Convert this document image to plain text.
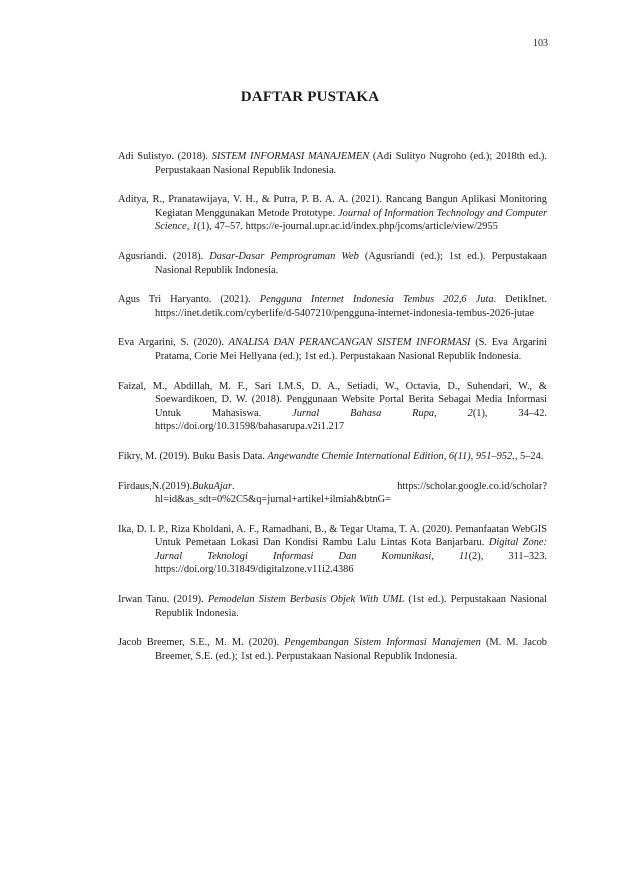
103
DAFTAR PUSTAKA

Adi Sulistyo. (2018). SISTEM INFORMASI MANAJEMEN (Adi Sulityo Nugroho (ed.); 2018th ed.). Perpustakaan Nasional Republik Indonesia.

Aditya, R., Pranatawijaya, V. H., & Putra, P. B. A. A. (2021). Rancang Bangun Aplikasi Monitoring Kegiatan Menggunakan Metode Prototype. Journal of Information Technology and Computer Science, 1(1), 47–57. https://e-journal.upr.ac.id/index.php/jcoms/article/view/2955

Agusriandi. (2018). Dasar-Dasar Pemprograman Web (Agusriandi (ed.); 1st ed.). Perpustakaan Nasional Republik Indonesia.

Agus Tri Haryanto. (2021). Pengguna Internet Indonesia Tembus 202,6 Juta. DetikInet. https://inet.detik.com/cyberlife/d-5407210/pengguna-internet-indonesia-tembus-2026-jutae

Eva Argarini, S. (2020). ANALISA DAN PERANCANGAN SISTEM INFORMASI (S. Eva Argarini Pratama, Corie Mei Hellyana (ed.); 1st ed.). Perpustakaan Nasional Republik Indonesia.

Faizal, M., Abdillah, M. F., Sari I.M.S, D. A., Setiadi, W., Octavia, D., Suhendari, W., & Soewardikoen, D. W. (2018). Penggunaan Website Portal Berita Sebagai Media Informasi Untuk Mahasiswa. Jurnal Bahasa Rupa, 2(1), 34–42. https://doi.org/10.31598/bahasarupa.v2i1.217

Fikry, M. (2019). Buku Basis Data. Angewandte Chemie International Edition, 6(11), 951–952., 5–24.

Firdaus,N.(2019).BukuAjar. https://scholar.google.co.id/scholar?hl=id&as_sdt=0%2C5&q=jurnal+artikel+ilmiah&btnG=

Ika, D. I. P., Riza Kholdani, A. F., Ramadhani, B., & Tegar Utama, T. A. (2020). Pemanfaatan WebGIS Untuk Pemetaan Lokasi Dan Kondisi Rambu Lalu Lintas Kota Banjarbaru. Digital Zone: Jurnal Teknologi Informasi Dan Komunikasi, 11(2), 311–323. https://doi.org/10.31849/digitalzone.v11i2.4386

Irwan Tanu. (2019). Pemodelan Sistem Berbasis Objek With UML (1st ed.). Perpustakaan Nasional Republik Indonesia.

Jacob Breemer, S.E., M. M. (2020). Pengembangan Sistem Informasi Manajemen (M. M. Jacob Breemer, S.E. (ed.); 1st ed.). Perpustakaan Nasional Republik Indonesia.
